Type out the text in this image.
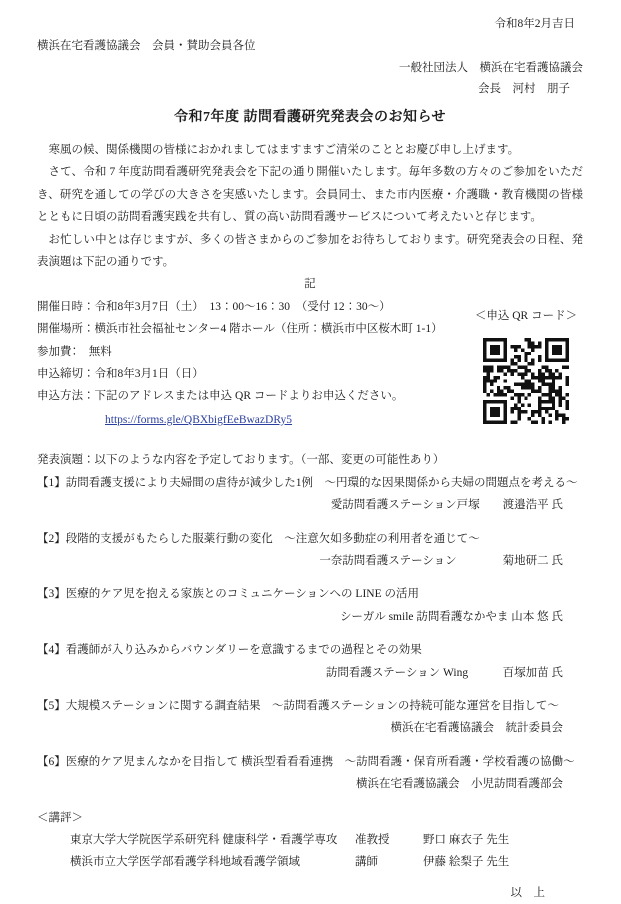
令和8年2月吉日
横浜在宅看護協議会　会員・賛助会員各位
一般社団法人　横浜在宅看護協議会
会長　河村　朋子
令和7年度 訪問看護研究発表会のお知らせ

寒風の候、関係機関の皆様におかれましてはますますご清栄のこととお慶び申し上げます。

さて、令和 7 年度訪問看護研究発表会を下記の通り開催いたします。毎年多数の方々のご参加をいただき、研究を通しての学びの大きさを実感いたします。会員同士、また市内医療・介護職・教育機関の皆様とともに日頃の訪問看護実践を共有し、質の高い訪問看護サービスについて考えたいと存じます。

お忙しい中とは存じますが、多くの皆さまからのご参加をお待ちしております。研究発表会の日程、発表演題は下記の通りです。

記
開催日時：令和8年3月7日（土）　13：00～16：30　（受付 12：30～）
開催場所：横浜市社会福祉センター4 階ホール（住所：横浜市中区桜木町 1-1）
参加費：　無料
申込締切：令和8年3月1日（日）
申込方法：下記のアドレスまたは申込 QR コードよりお申込ください。
https://forms.gle/QBXbigfEeBwazDRy5
＜申込 QR コード＞
発表演題：以下のような内容を予定しております。（一部、変更の可能性あり）
【1】訪問看護支援により夫婦間の虐待が減少した1例　～円環的な因果関係から夫婦の問題点を考える～
愛訪問看護ステーション戸塚　　渡邉浩平 氏
【2】段階的支援がもたらした服薬行動の変化　～注意欠如多動症の利用者を通じて～
一奈訪問看護ステーション　　　　菊地研二 氏
【3】医療的ケア児を抱える家族とのコミュニケーションへの LINE の活用
シーガル smile 訪問看護なかやま 山本 悠 氏
【4】看護師が入り込みからバウンダリーを意識するまでの過程とその効果
訪問看護ステーション Wing　　　百塚加苗 氏
【5】大規模ステーションに関する調査結果　～訪問看護ステーションの持続可能な運営を目指して～
横浜在宅看護協議会　統計委員会
【6】医療的ケア児まんなかを目指して 横浜型看看看連携　～訪問看護・保育所看護・学校看護の協働～
横浜在宅看護協議会　小児訪問看護部会
＜講評＞
東京大学大学院医学系研究科 健康科学・看護学専攻	准教授	野口 麻衣子 先生
横浜市立大学医学部看護学科地域看護学領域	講師	伊藤 絵梨子 先生
以　上
